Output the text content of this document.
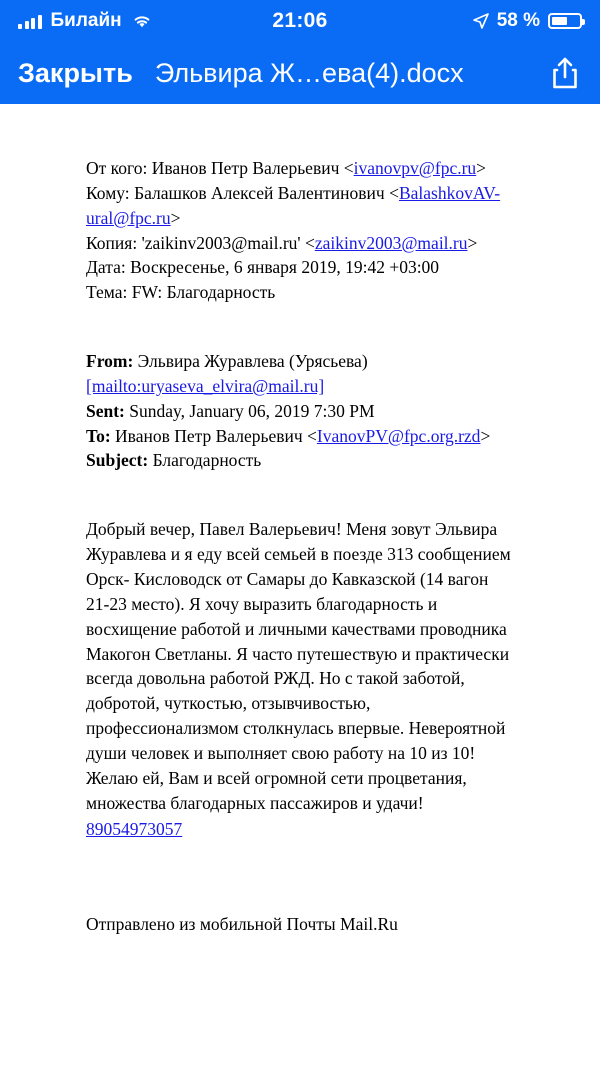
Билайн	21:06	58 %
Закрыть Эльвира Ж…ева(4).docx

От кого: Иванов Петр Валерьевич <ivanovpv@fpc.ru>

Кому: Балашков Алексей Валентинович <BalashkovAV-ural@fpc.ru>

Копия: 'zaikinv2003@mail.ru' <zaikinv2003@mail.ru>

Дата: Воскресенье, 6 января 2019, 19:42 +03:00

Тема: FW: Благодарность

From: Эльвира Журавлева (Урясьева)

[mailto:uryaseva_elvira@mail.ru]

Sent: Sunday, January 06, 2019 7:30 PM

To: Иванов Петр Валерьевич <IvanovPV@fpc.org.rzd>

Subject: Благодарность

Добрый вечер, Павел Валерьевич! Меня зовут Эльвира Журавлева и я еду всей семьей в поезде 313 сообщением Орск- Кисловодск от Самары до Кавказской (14 вагон 21-23 место). Я хочу выразить благодарность и восхищение работой и личными качествами проводника Макогон Светланы. Я часто путешествую и практически всегда довольна работой РЖД. Но с такой заботой, добротой, чуткостью, отзывчивостью, профессионализмом столкнулась впервые. Невероятной души человек и выполняет свою работу на 10 из 10! Желаю ей, Вам и всей огромной сети процветания, множества благодарных пассажиров и удачи!

89054973057

Отправлено из мобильной Почты Mail.Ru
